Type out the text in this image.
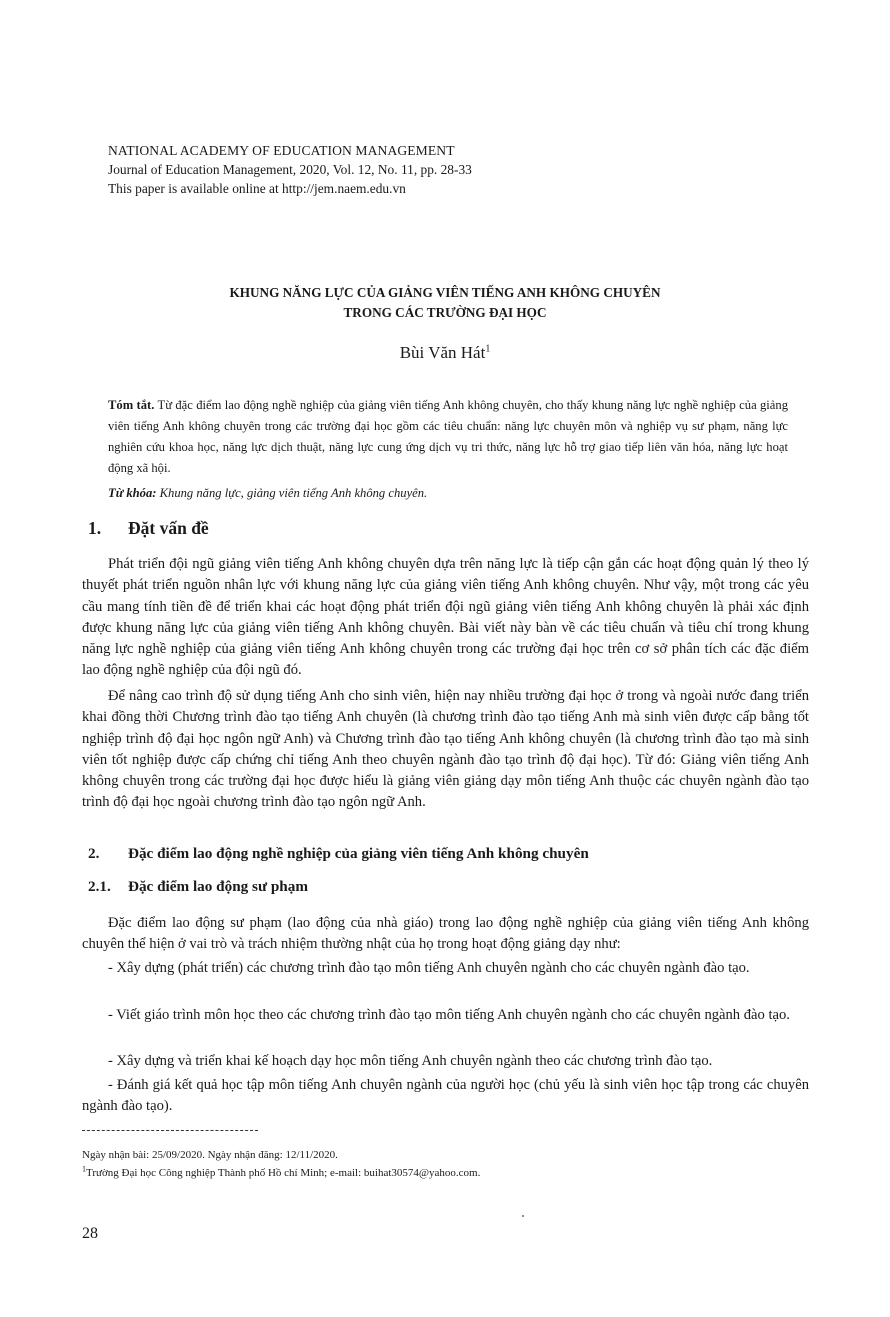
NATIONAL ACADEMY OF EDUCATION MANAGEMENT
Journal of Education Management, 2020, Vol. 12, No. 11, pp. 28-33
This paper is available online at http://jem.naem.edu.vn
KHUNG NĂNG LỰC CỦA GIẢNG VIÊN TIẾNG ANH KHÔNG CHUYÊN
TRONG CÁC TRƯỜNG ĐẠI HỌC
Bùi Văn Hát$^1$
Tóm tắt. Từ đặc điểm lao động nghề nghiệp của giảng viên tiếng Anh không chuyên, cho thấy khung năng lực nghề nghiệp của giảng viên tiếng Anh không chuyên trong các trường đại học gồm các tiêu chuẩn: năng lực chuyên môn và nghiệp vụ sư phạm, năng lực nghiên cứu khoa học, năng lực dịch thuật, năng lực cung ứng dịch vụ tri thức, năng lực hỗ trợ giao tiếp liên văn hóa, năng lực hoạt động xã hội.
Từ khóa: Khung năng lực, giảng viên tiếng Anh không chuyên.
1. Đặt vấn đề

Phát triển đội ngũ giảng viên tiếng Anh không chuyên dựa trên năng lực là tiếp cận gắn các hoạt động quản lý theo lý thuyết phát triển nguồn nhân lực với khung năng lực của giảng viên tiếng Anh không chuyên. Như vậy, một trong các yêu cầu mang tính tiền đề để triển khai các hoạt động phát triển đội ngũ giảng viên tiếng Anh không chuyên là phải xác định được khung năng lực của giảng viên tiếng Anh không chuyên. Bài viết này bàn về các tiêu chuẩn và tiêu chí trong khung năng lực nghề nghiệp của giảng viên tiếng Anh không chuyên trong các trường đại học trên cơ sở phân tích các đặc điểm lao động nghề nghiệp của đội ngũ đó.

Để nâng cao trình độ sử dụng tiếng Anh cho sinh viên, hiện nay nhiều trường đại học ở trong và ngoài nước đang triển khai đồng thời Chương trình đào tạo tiếng Anh chuyên (là chương trình đào tạo tiếng Anh mà sinh viên được cấp bằng tốt nghiệp trình độ đại học ngôn ngữ Anh) và Chương trình đào tạo tiếng Anh không chuyên (là chương trình đào tạo mà sinh viên tốt nghiệp được cấp chứng chỉ tiếng Anh theo chuyên ngành đào tạo trình độ đại học). Từ đó: Giảng viên tiếng Anh không chuyên trong các trường đại học được hiểu là giảng viên giảng dạy môn tiếng Anh thuộc các chuyên ngành đào tạo trình độ đại học ngoài chương trình đào tạo ngôn ngữ Anh.

2. Đặc điểm lao động nghề nghiệp của giảng viên tiếng Anh không chuyên
2.1. Đặc điểm lao động sư phạm

Đặc điểm lao động sư phạm (lao động của nhà giáo) trong lao động nghề nghiệp của giảng viên tiếng Anh không chuyên thể hiện ở vai trò và trách nhiệm thường nhật của họ trong hoạt động giảng dạy như:

- Xây dựng (phát triển) các chương trình đào tạo môn tiếng Anh chuyên ngành cho các chuyên ngành đào tạo.

- Viết giáo trình môn học theo các chương trình đào tạo môn tiếng Anh chuyên ngành cho các chuyên ngành đào tạo.

- Xây dựng và triển khai kế hoạch dạy học môn tiếng Anh chuyên ngành theo các chương trình đào tạo.

- Đánh giá kết quả học tập môn tiếng Anh chuyên ngành của người học (chủ yếu là sinh viên học tập trong các chuyên ngành đào tạo).

Ngày nhận bài: 25/09/2020. Ngày nhận đăng: 12/11/2020.
$^1$Trường Đại học Công nghiệp Thành phố Hồ chí Minh; e-mail: buihat30574@yahoo.com.
28
